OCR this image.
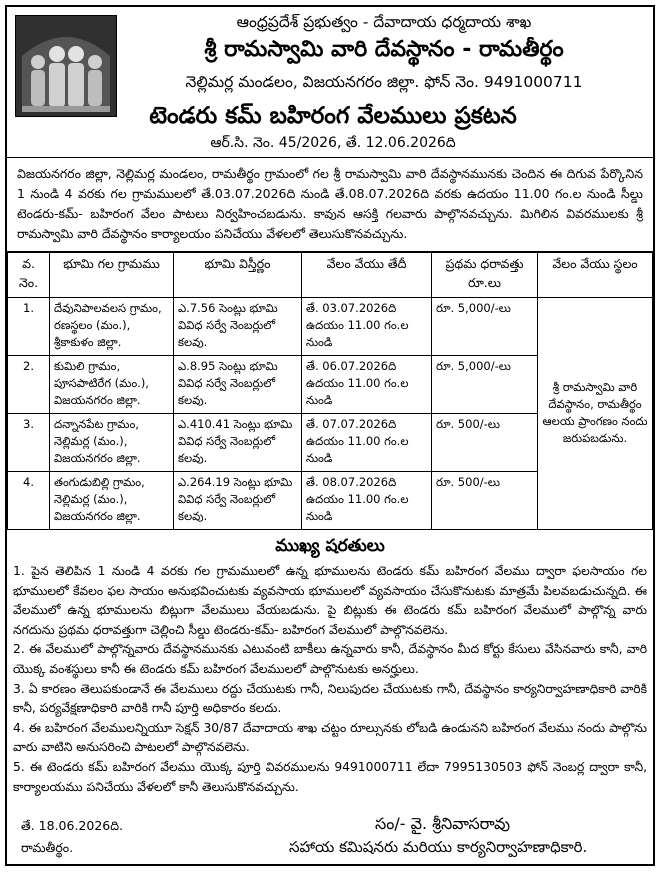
ఆంధ్రప్రదేశ్ ప్రభుత్వం - దేవాదాయ ధర్మదాయ శాఖ
శ్రీ రామస్వామి వారి దేవస్థానం - రామతీర్థం
నెల్లిమర్ల మండలం, విజయనగరం జిల్లా. ఫోన్ నెం. 9491000711
టెండరు కమ్ బహిరంగ వేలములు ప్రకటన
ఆర్.సి. నెం. 45/2026, తే. 12.06.2026ది
విజయనగరం జిల్లా, నెల్లిమర్ల మండలం, రామతీర్థం గ్రామంలో గల శ్రీ రామస్వామి వారి దేవస్థానమునకు చెందిన ఈ దిగువ పేర్కొనిన 1 నుండి 4 వరకు గల గ్రామములలో తే.03.07.2026ది నుండి తే.08.07.2026ది వరకు ఉదయం 11.00 గం.ల నుండి సీల్డు టెండరు-కమ్- బహిరంగ వేలం పాటలు నిర్వహించబడును. కావున ఆసక్తి గలవారు పాల్గొనవచ్చును. మిగిలిన వివరములకు శ్రీ రామస్వామి వారి దేవస్థానం కార్యాలయం పనిచేయు వేళలలో తెలుసుకొనవచ్చును.
వ. నెం.	భూమి గల గ్రామము	భూమి విస్తీర్ణం	వేలం వేయు తేదీ	ప్రథమ ధరావత్తు రూ.లు	వేలం వేయు స్థలం
1.	దేవునిపాలవలస గ్రామం, రణస్థలం (మం.), శ్రీకాకుళం జిల్లా.	ఎ.7.56 సెంట్లు భూమి వివిధ సర్వే నెంబర్లులో కలవు.	తే. 03.07.2026ది ఉదయం 11.00 గం.ల నుండి	రూ. 5,000/-లు	శ్రీ రామస్వామి వారి దేవస్థానం, రామతీర్థం ఆలయ ప్రాంగణం నందు జరుపబడును.
2.	కుమిలి గ్రామం, పూసపాటిరేగ (మం.), విజయనగరం జిల్లా.	ఎ.8.95 సెంట్లు భూమి వివిధ సర్వే నెంబర్లులో కలవు.	తే. 06.07.2026ది ఉదయం 11.00 గం.ల నుండి	రూ. 5,000/-లు	
3.	దన్నానపేట గ్రామం, నెల్లిమర్ల (మం.), విజయనగరం జిల్లా.	ఎ.410.41 సెంట్లు భూమి వివిధ సర్వే నెంబర్లులో కలవు.	తే. 07.07.2026ది ఉదయం 11.00 గం.ల నుండి	రూ. 500/-లు	
4.	తంగుడుబిల్లి గ్రామం, నెల్లిమర్ల (మం.), విజయనగరం జిల్లా.	ఎ.264.19 సెంట్లు భూమి వివిధ సర్వే నెంబర్లులో కలవు.	తే. 08.07.2026ది ఉదయం 11.00 గం.ల నుండి	రూ. 500/-లు	
ముఖ్య షరతులు

1. పైన తెలిపిన 1 నుండి 4 వరకు గల గ్రామములలో ఉన్న భూములను టెండరు కమ్ బహిరంగ వేలము ద్వారా ఫలసాయం గల భూములలో కేవలం ఫల సాయం అనుభవించుటకు వ్యవసాయ భూములలో వ్యవసాయం చేసుకొనుటకు మాత్రమే పిలవబడుచున్నది. ఈ వేలములో ఉన్న భూములను బిట్లుగా వేలములు వేయబడును. పై బిట్లుకు ఈ టెండరు కమ్ బహిరంగ వేలములో పాల్గొన్న వారు నగదును ప్రథమ ధరావత్తుగా చెల్లించి సీల్డు టెండరు-కమ్- బహిరంగ వేలములో పాల్గొనవలెను.

2. ఈ వేలములో పాల్గొన్నవారు దేవస్థానమునకు ఎటువంటి బాకీలు ఉన్నవారు కానీ, దేవస్థానం మీద కోర్టు కేసులు వేసినవారు కానీ, వారి యొక్క వంశస్థులు కానీ ఈ టెండరు కమ్ బహిరంగ వేలములలో పాల్గొనుటకు అనర్హులు.

3. ఏ కారణం తెలుపకుండానే ఈ వేలములు రద్దు చేయుటకు గానీ, నిలుపుదల చేయుటకు గానీ, దేవస్థానం కార్యనిర్వాహణాధికారి వారికి కానీ, పర్యవేక్షణాధికారి వారికి గానీ పూర్తి అధికారం కలదు.

4. ఈ బహిరంగ వేలములన్నియూ సెక్షన్ 30/87 దేవాదాయ శాఖ చట్టం రూల్సునకు లోబడి ఉండునని బహిరంగ వేలము నందు పాల్గొను వారు వాటిని అనుసరించి పాటలలో పాల్గొనవలెను.

5. ఈ టెండరు కమ్ బహిరంగ వేలము యొక్క పూర్తి వివరములను 9491000711 లేదా 7995130503 ఫోన్ నెంబర్ల ద్వారా కానీ, కార్యాలయము పనిచేయు వేళలలో కానీ తెలుసుకొనవచ్చును.

తే. 18.06.2026ది.
రామతీర్థం.
సం/- వై. శ్రీనివాసరావు
సహాయ కమిషనరు మరియు కార్యనిర్వాహణాధికారి.
